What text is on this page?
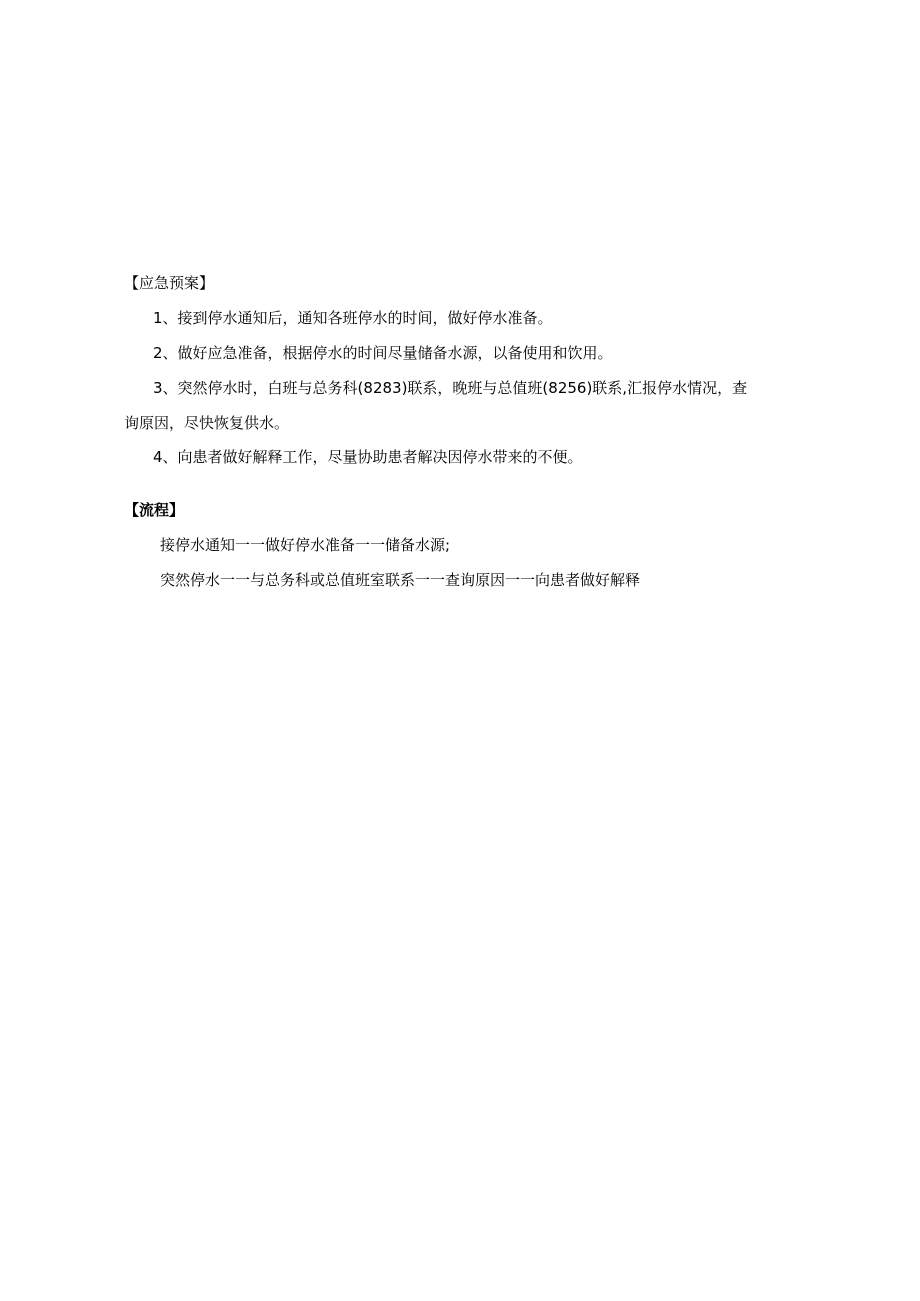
【应急预案】
1、接到停水通知后，通知各班停水的时间，做好停水准备。
2、做好应急准备，根据停水的时间尽量储备水源，以备使用和饮用。
3、突然停水时，白班与总务科(8283)联系，晚班与总值班(8256)联系,汇报停水情况，查询原因，尽快恢复供水。
4、向患者做好解释工作，尽量协助患者解决因停水带来的不便。
【流程】
接停水通知一一做好停水准备一一储备水源;
突然停水一一与总务科或总值班室联系一一查询原因一一向患者做好解释
